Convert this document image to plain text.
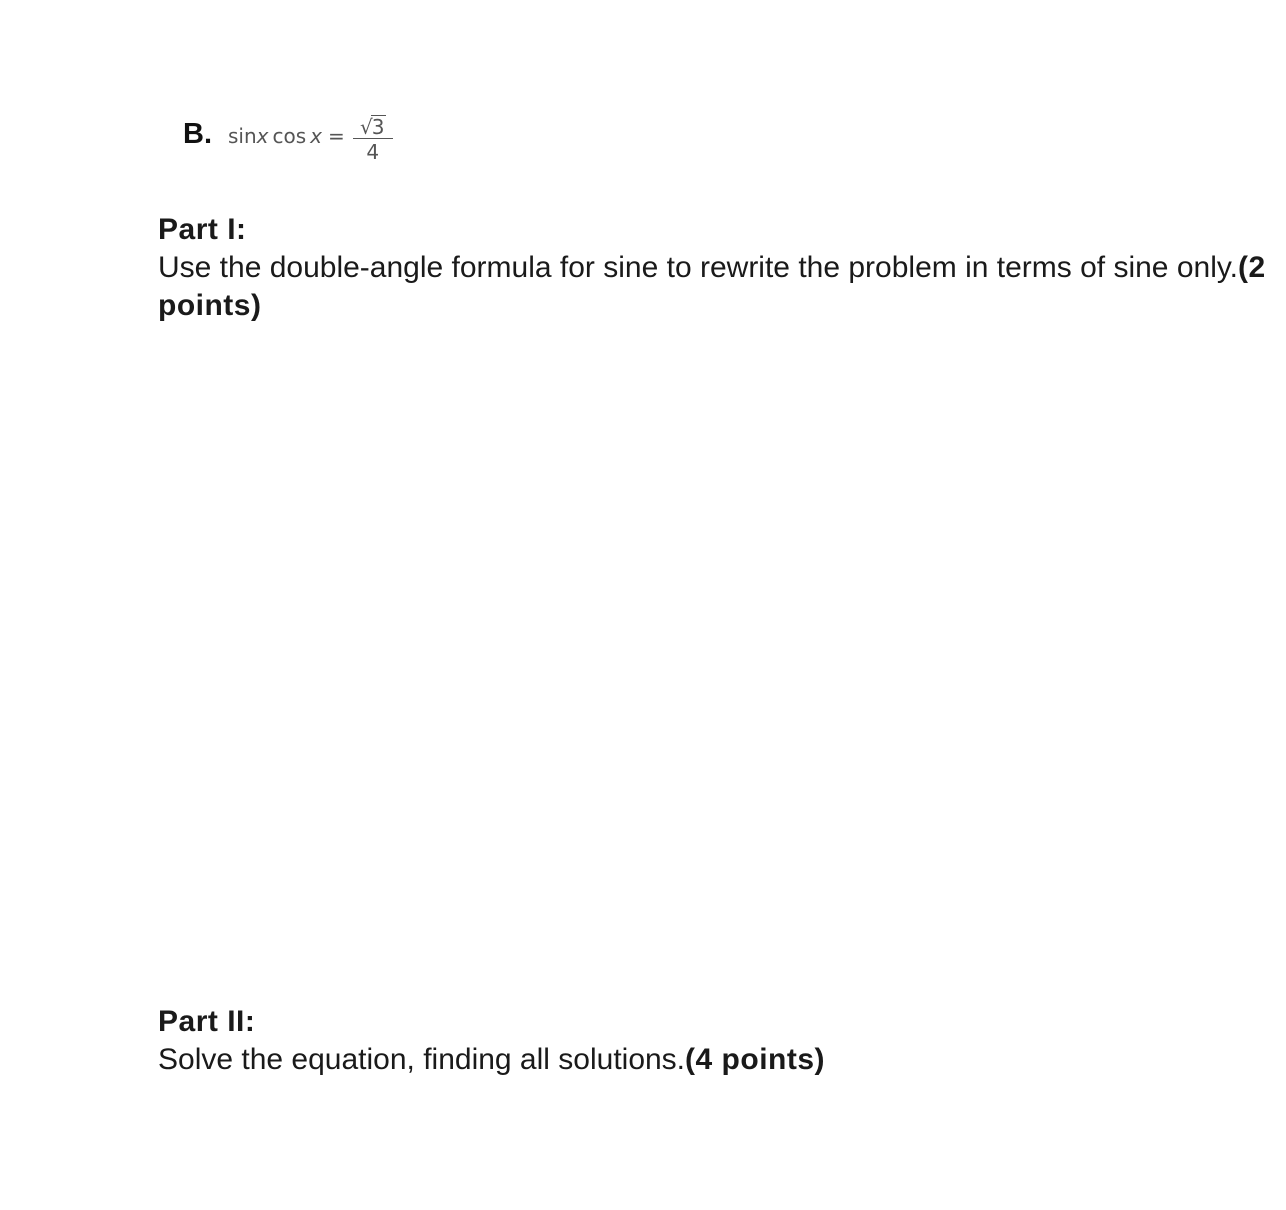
B. sin x $\cos x = \frac{√ 3}{4}$
Part I:
Use the double-angle formula for sine to rewrite the problem in terms of sine only.(2 points)
Part II:
Solve the equation, finding all solutions.(4 points)
